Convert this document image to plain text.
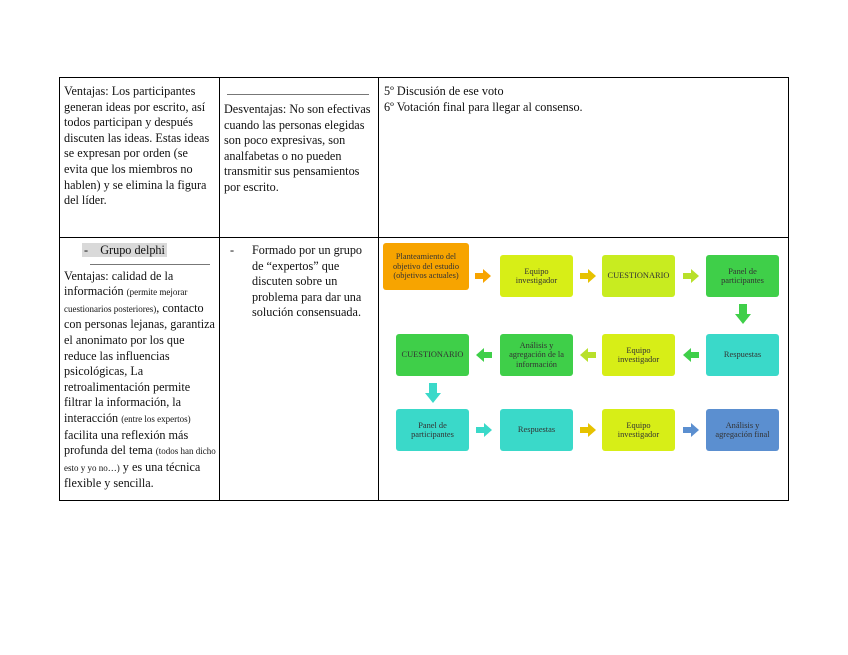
Ventajas: Los participantes generan ideas por escrito, así todos participan y después discuten las ideas. Estas ideas se expresan por orden (se evita que los miembros no hablen) y se elimina la figura del líder.

Desventajas: No son efectivas cuando las personas elegidas son poco expresivas, son analfabetas o no pueden transmitir sus pensamientos por escrito.

5º Discusión de ese voto

6º Votación final para llegar al consenso.

- Grupo delphi

Ventajas: calidad de la información (permite mejorar cuestionarios posteriores), contacto con personas lejanas, garantiza el anonimato por los que reduce las influencias psicológicas, La retroalimentación permite filtrar la información, la interacción (entre los expertos) facilita una reflexión más profunda del tema (todos han dicho esto y yo no…) y es una técnica flexible y sencilla.

-	Formado por un grupo de “expertos” que discuten sobre un problema para dar una solución consensuada.

Planteamiento del objetivo del estudio (objetivos actuales)
Equipo investigador
CUESTIONARIO
Panel de participantes
Respuestas
Equipo investigador
Análisis y agregación de la información
CUESTIONARIO
Panel de participantes
Respuestas
Equipo investigador
Análisis y agregación final
